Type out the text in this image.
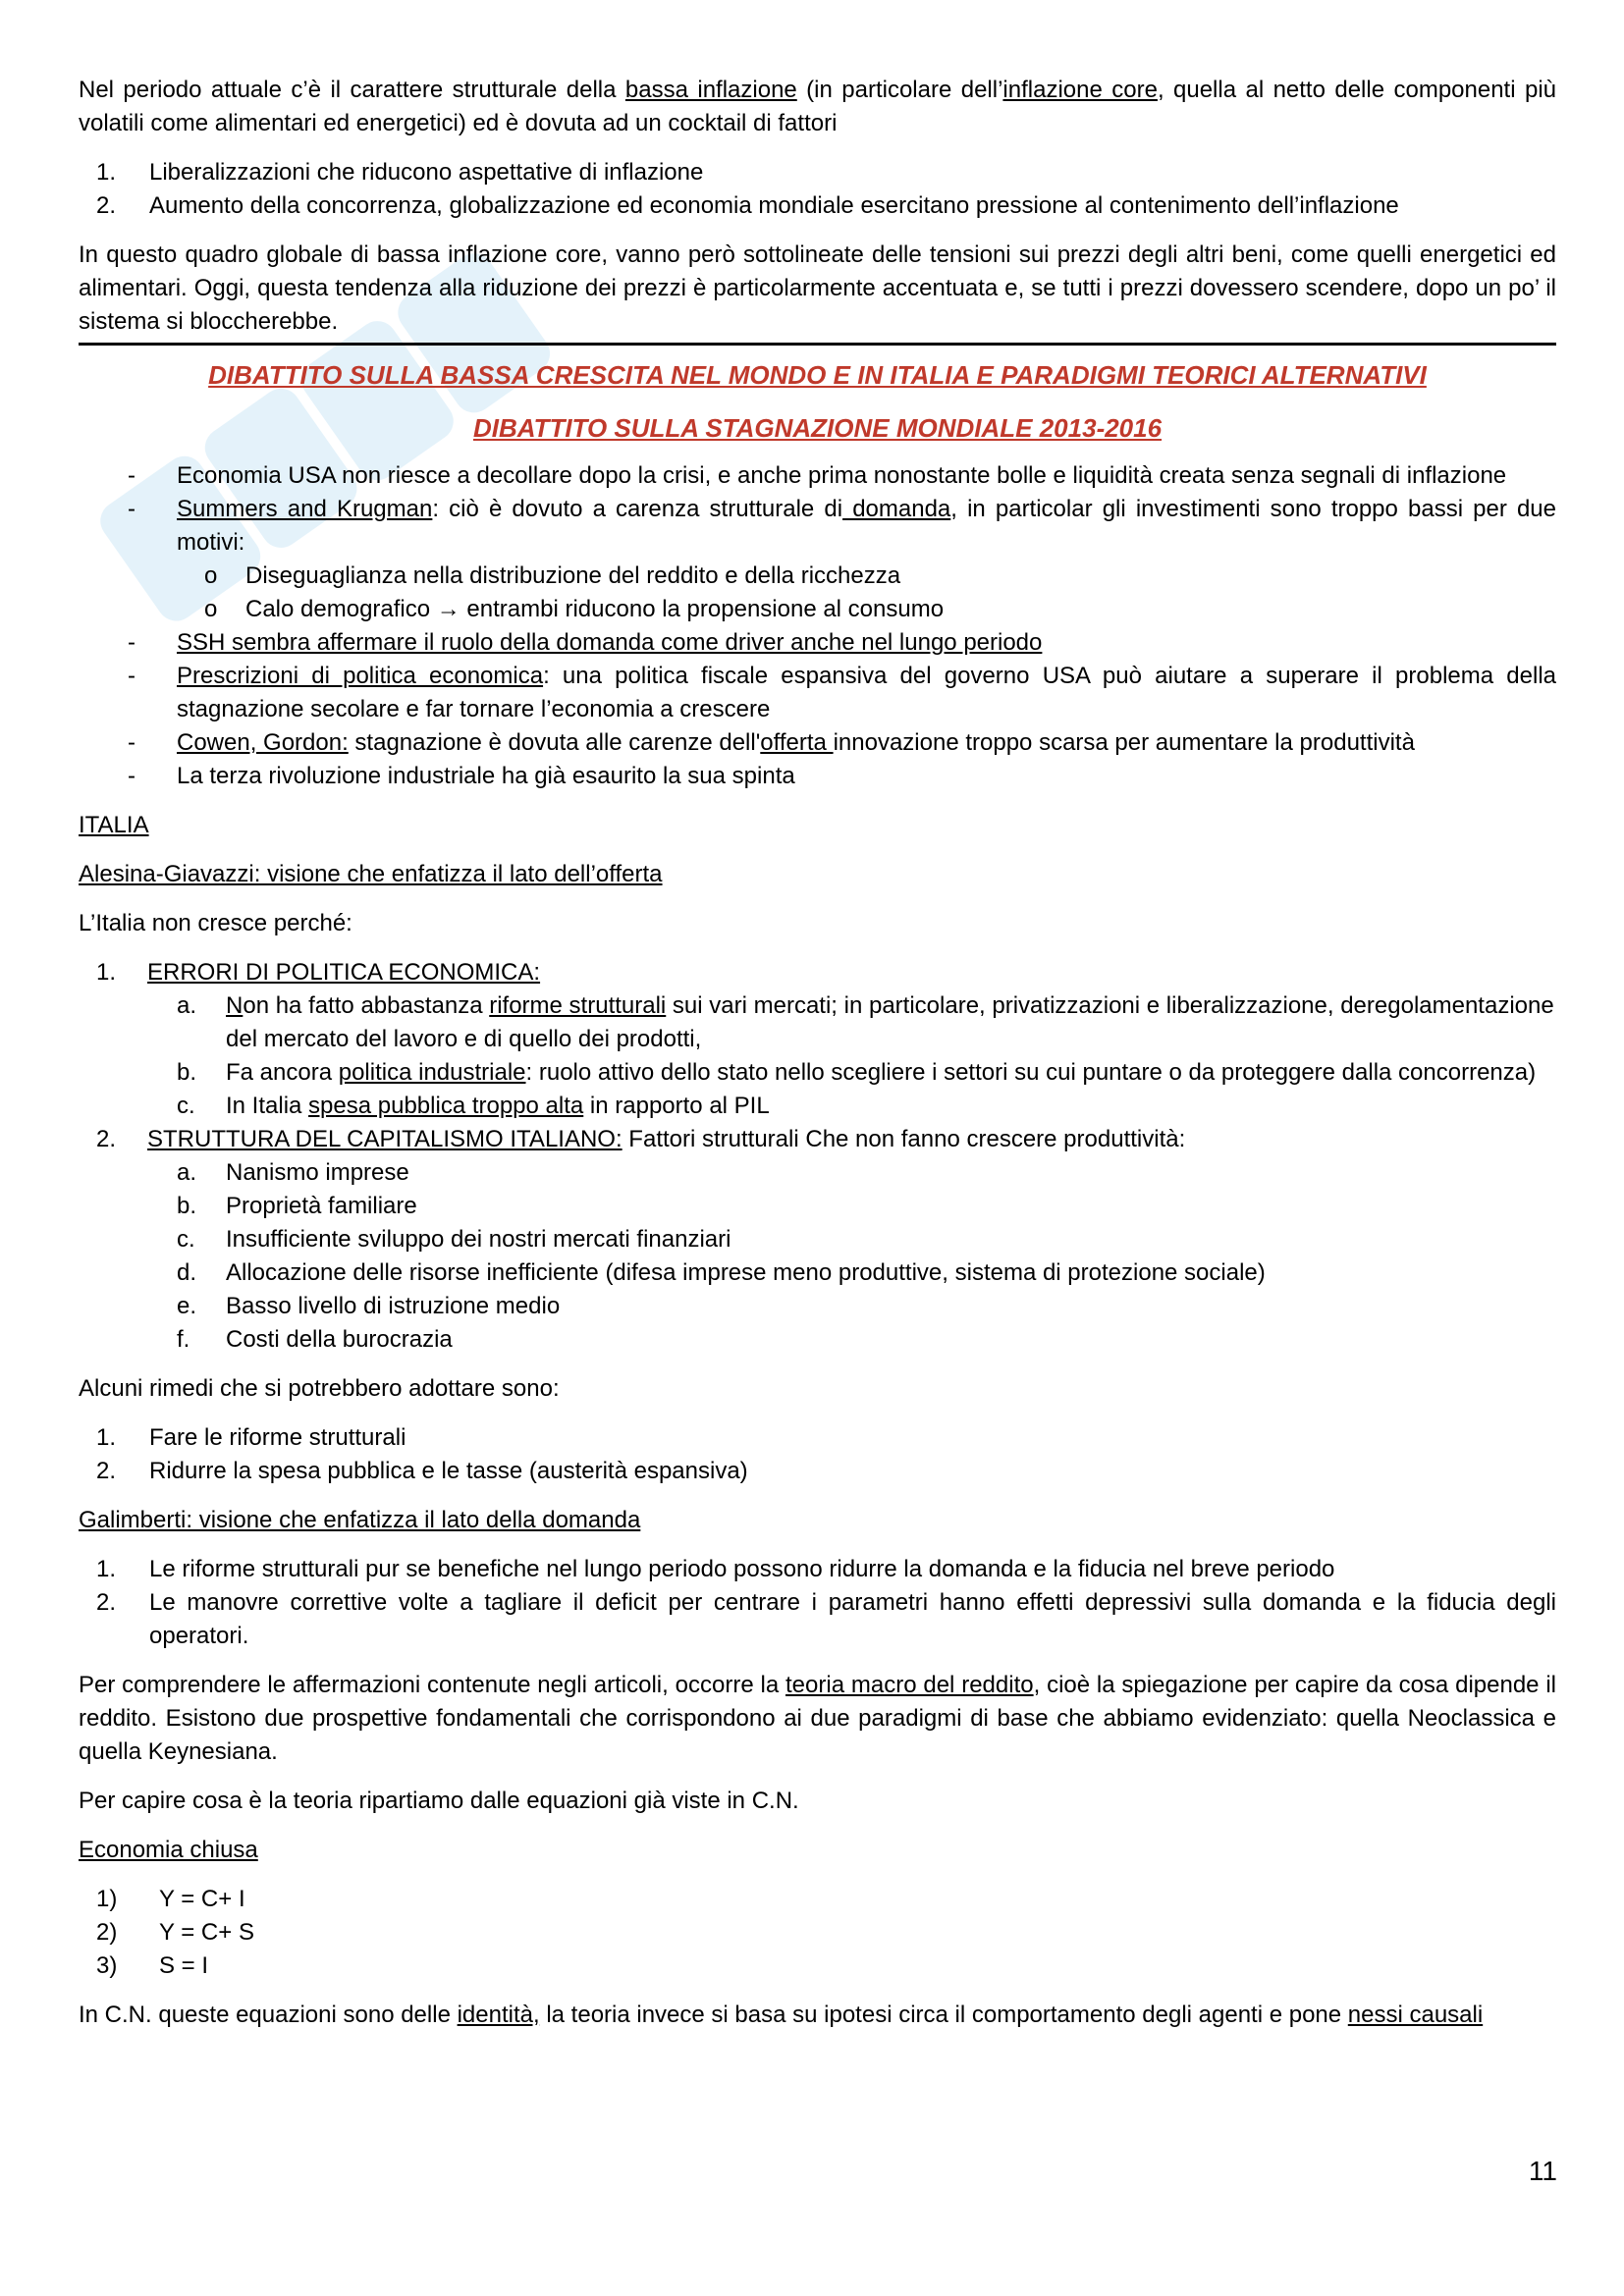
Nel periodo attuale c’è il carattere strutturale della bassa inflazione (in particolare dell’inflazione core, quella al netto delle componenti più volatili come alimentari ed energetici) ed è dovuta ad un cocktail di fattori

1. Liberalizzazioni che riducono aspettative di inflazione
2. Aumento della concorrenza, globalizzazione ed economia mondiale esercitano pressione al contenimento dell’inflazione

In questo quadro globale di bassa inflazione core, vanno però sottolineate delle tensioni sui prezzi degli altri beni, come quelli energetici ed alimentari. Oggi, questa tendenza alla riduzione dei prezzi è particolarmente accentuata e, se tutti i prezzi dovessero scendere, dopo un po’ il sistema si bloccherebbe.

DIBATTITO SULLA BASSA CRESCITA NEL MONDO E IN ITALIA E PARADIGMI TEORICI ALTERNATIVI
DIBATTITO SULLA STAGNAZIONE MONDIALE 2013-2016
- Economia USA non riesce a decollare dopo la crisi, e anche prima nonostante bolle e liquidità creata senza segnali di inflazione
- Summers and Krugman: ciò è dovuto a carenza strutturale di domanda, in particolar gli investimenti sono troppo bassi per due motivi:
o Diseguaglianza nella distribuzione del reddito e della ricchezza
o Calo demografico → entrambi riducono la propensione al consumo
- SSH sembra affermare il ruolo della domanda come driver anche nel lungo periodo
- Prescrizioni di politica economica: una politica fiscale espansiva del governo USA può aiutare a superare il problema della stagnazione secolare e far tornare l’economia a crescere
- Cowen, Gordon: stagnazione è dovuta alle carenze dell'offerta innovazione troppo scarsa per aumentare la produttività
- La terza rivoluzione industriale ha già esaurito la sua spinta

ITALIA

Alesina-Giavazzi: visione che enfatizza il lato dell’offerta

L’Italia non cresce perché:

1. ERRORI DI POLITICA ECONOMICA:
a. Non ha fatto abbastanza riforme strutturali sui vari mercati; in particolare, privatizzazioni e liberalizzazione, deregolamentazione del mercato del lavoro e di quello dei prodotti,
b. Fa ancora politica industriale: ruolo attivo dello stato nello scegliere i settori su cui puntare o da proteggere dalla concorrenza)
c. In Italia spesa pubblica troppo alta in rapporto al PIL
2. STRUTTURA DEL CAPITALISMO ITALIANO: Fattori strutturali Che non fanno crescere produttività:
a. Nanismo imprese
b. Proprietà familiare
c. Insufficiente sviluppo dei nostri mercati finanziari
d. Allocazione delle risorse inefficiente (difesa imprese meno produttive, sistema di protezione sociale)
e. Basso livello di istruzione medio
f. Costi della burocrazia

Alcuni rimedi che si potrebbero adottare sono:

1. Fare le riforme strutturali
2. Ridurre la spesa pubblica e le tasse (austerità espansiva)

Galimberti: visione che enfatizza il lato della domanda

1. Le riforme strutturali pur se benefiche nel lungo periodo possono ridurre la domanda e la fiducia nel breve periodo
2. Le manovre correttive volte a tagliare il deficit per centrare i parametri hanno effetti depressivi sulla domanda e la fiducia degli operatori.

Per comprendere le affermazioni contenute negli articoli, occorre la teoria macro del reddito, cioè la spiegazione per capire da cosa dipende il reddito. Esistono due prospettive fondamentali che corrispondono ai due paradigmi di base che abbiamo evidenziato: quella Neoclassica e quella Keynesiana.

Per capire cosa è la teoria ripartiamo dalle equazioni già viste in C.N.

Economia chiusa

1) Y = C+ I
2) Y = C+ S
3) S = I

In C.N. queste equazioni sono delle identità, la teoria invece si basa su ipotesi circa il comportamento degli agenti e pone nessi causali

11
